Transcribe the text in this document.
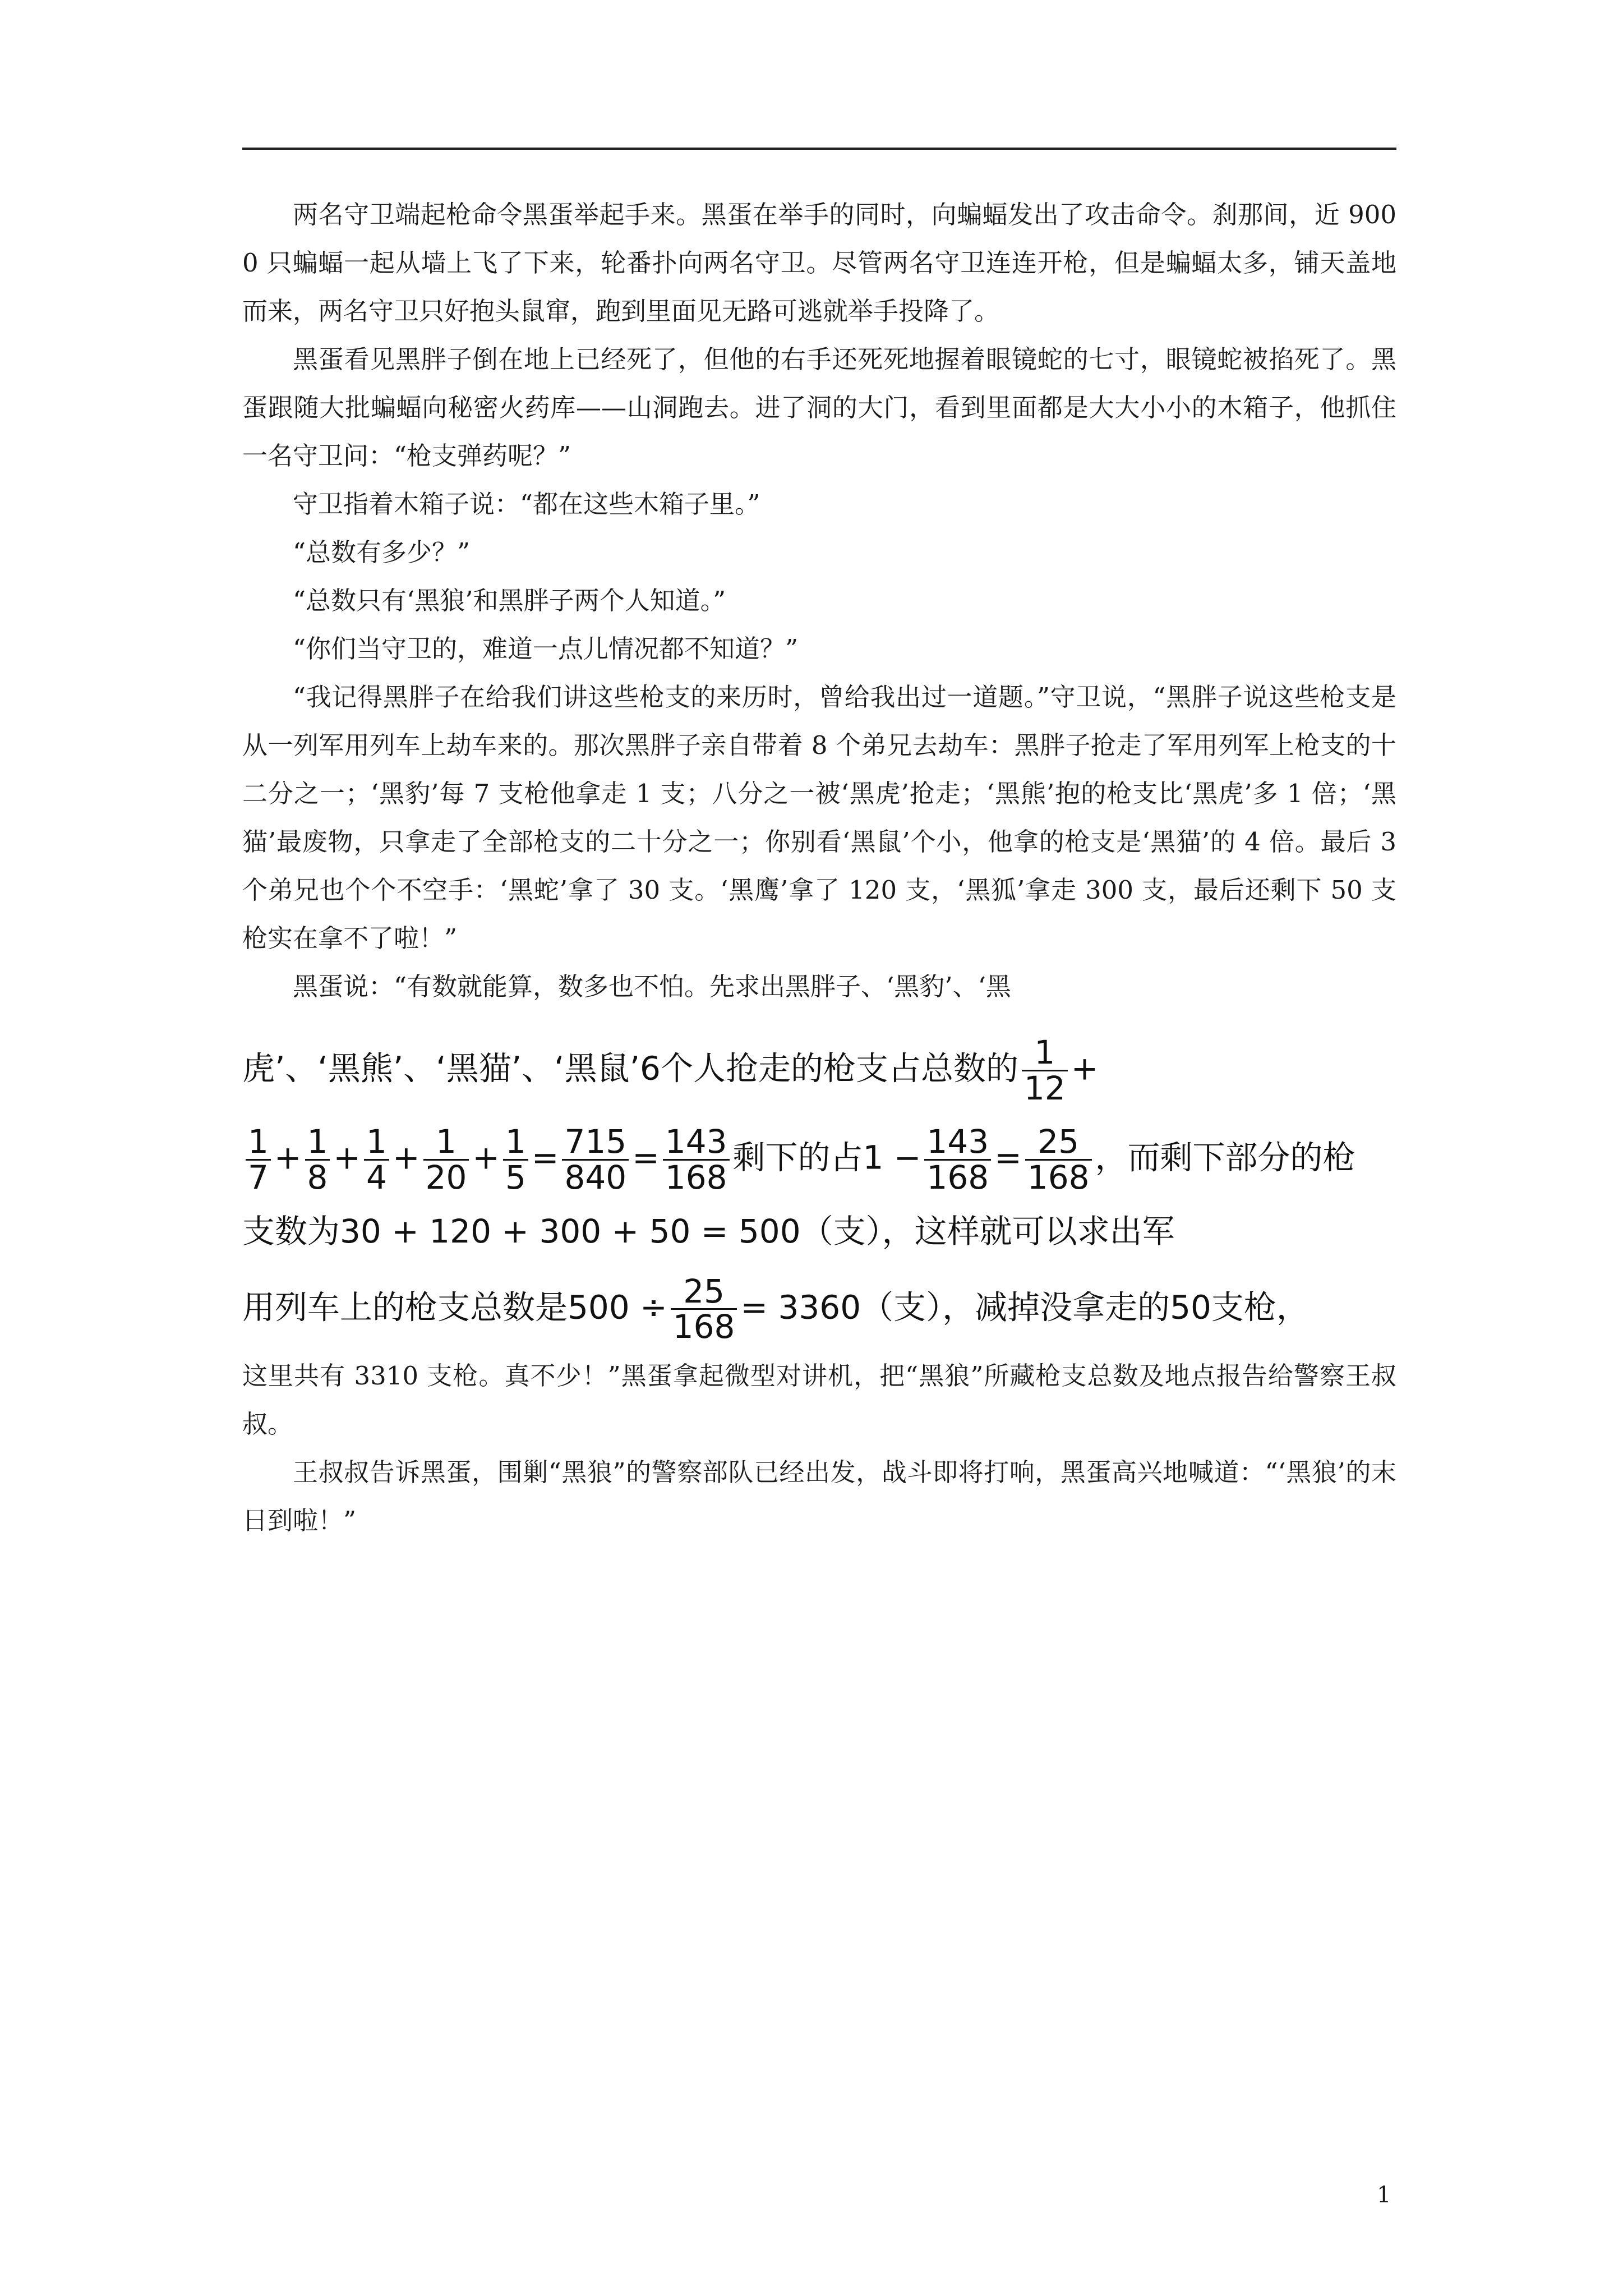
两名守卫端起枪命令黑蛋举起手来。黑蛋在举手的同时，向蝙蝠发出了攻击命令。刹那间，近 9000 只蝙蝠一起从墙上飞了下来，轮番扑向两名守卫。尽管两名守卫连连开枪，但是蝙蝠太多，铺天盖地而来，两名守卫只好抱头鼠窜，跑到里面见无路可逃就举手投降了。

黑蛋看见黑胖子倒在地上已经死了，但他的右手还死死地握着眼镜蛇的七寸，眼镜蛇被掐死了。黑蛋跟随大批蝙蝠向秘密火药库——山洞跑去。进了洞的大门，看到里面都是大大小小的木箱子，他抓住一名守卫问：“枪支弹药呢？”

守卫指着木箱子说：“都在这些木箱子里。”

“总数有多少？”

“总数只有‘黑狼’和黑胖子两个人知道。”

“你们当守卫的，难道一点儿情况都不知道？”

“我记得黑胖子在给我们讲这些枪支的来历时，曾给我出过一道题。”守卫说，“黑胖子说这些枪支是从一列军用列车上劫车来的。那次黑胖子亲自带着 8 个弟兄去劫车：黑胖子抢走了军用列军上枪支的十二分之一；‘黑豹’每 7 支枪他拿走 1 支；八分之一被‘黑虎’抢走；‘黑熊’抱的枪支比‘黑虎’多 1 倍；‘黑猫’最废物，只拿走了全部枪支的二十分之一；你别看‘黑鼠’个小，他拿的枪支是‘黑猫’的 4 倍。最后 3 个弟兄也个个不空手：‘黑蛇’拿了 30 支。‘黑鹰’拿了 120 支，‘黑狐’拿走 300 支，最后还剩下 50 支枪实在拿不了啦！”

黑蛋说：“有数就能算，数多也不怕。先求出黑胖子、‘黑豹’、‘黑

虎’、‘黑熊’、‘黑猫’、‘黑鼠’6个人抢走的枪支占总数的 $\frac{1}{12}$ +
$\frac{1}{7} + \frac{1}{8} + \frac{1}{4} + \frac{1}{20} + \frac{1}{5} = \frac{715}{840} = \frac{143}{168}$ 剩下的占$1 - \frac{143}{168} = \frac{25}{168}$ ，而剩下部分的枪
支数为30 + 120 + 300 + 50 = 500（支），这样就可以求出军
用列车上的枪支总数是$500 \div \frac{25}{168} = 3360$（支），减掉没拿走的50支枪，

这里共有 3310 支枪。真不少！”黑蛋拿起微型对讲机，把“黑狼”所藏枪支总数及地点报告给警察王叔叔。

王叔叔告诉黑蛋，围剿“黑狼”的警察部队已经出发，战斗即将打响，黑蛋高兴地喊道：“‘黑狼’的末日到啦！”

1
